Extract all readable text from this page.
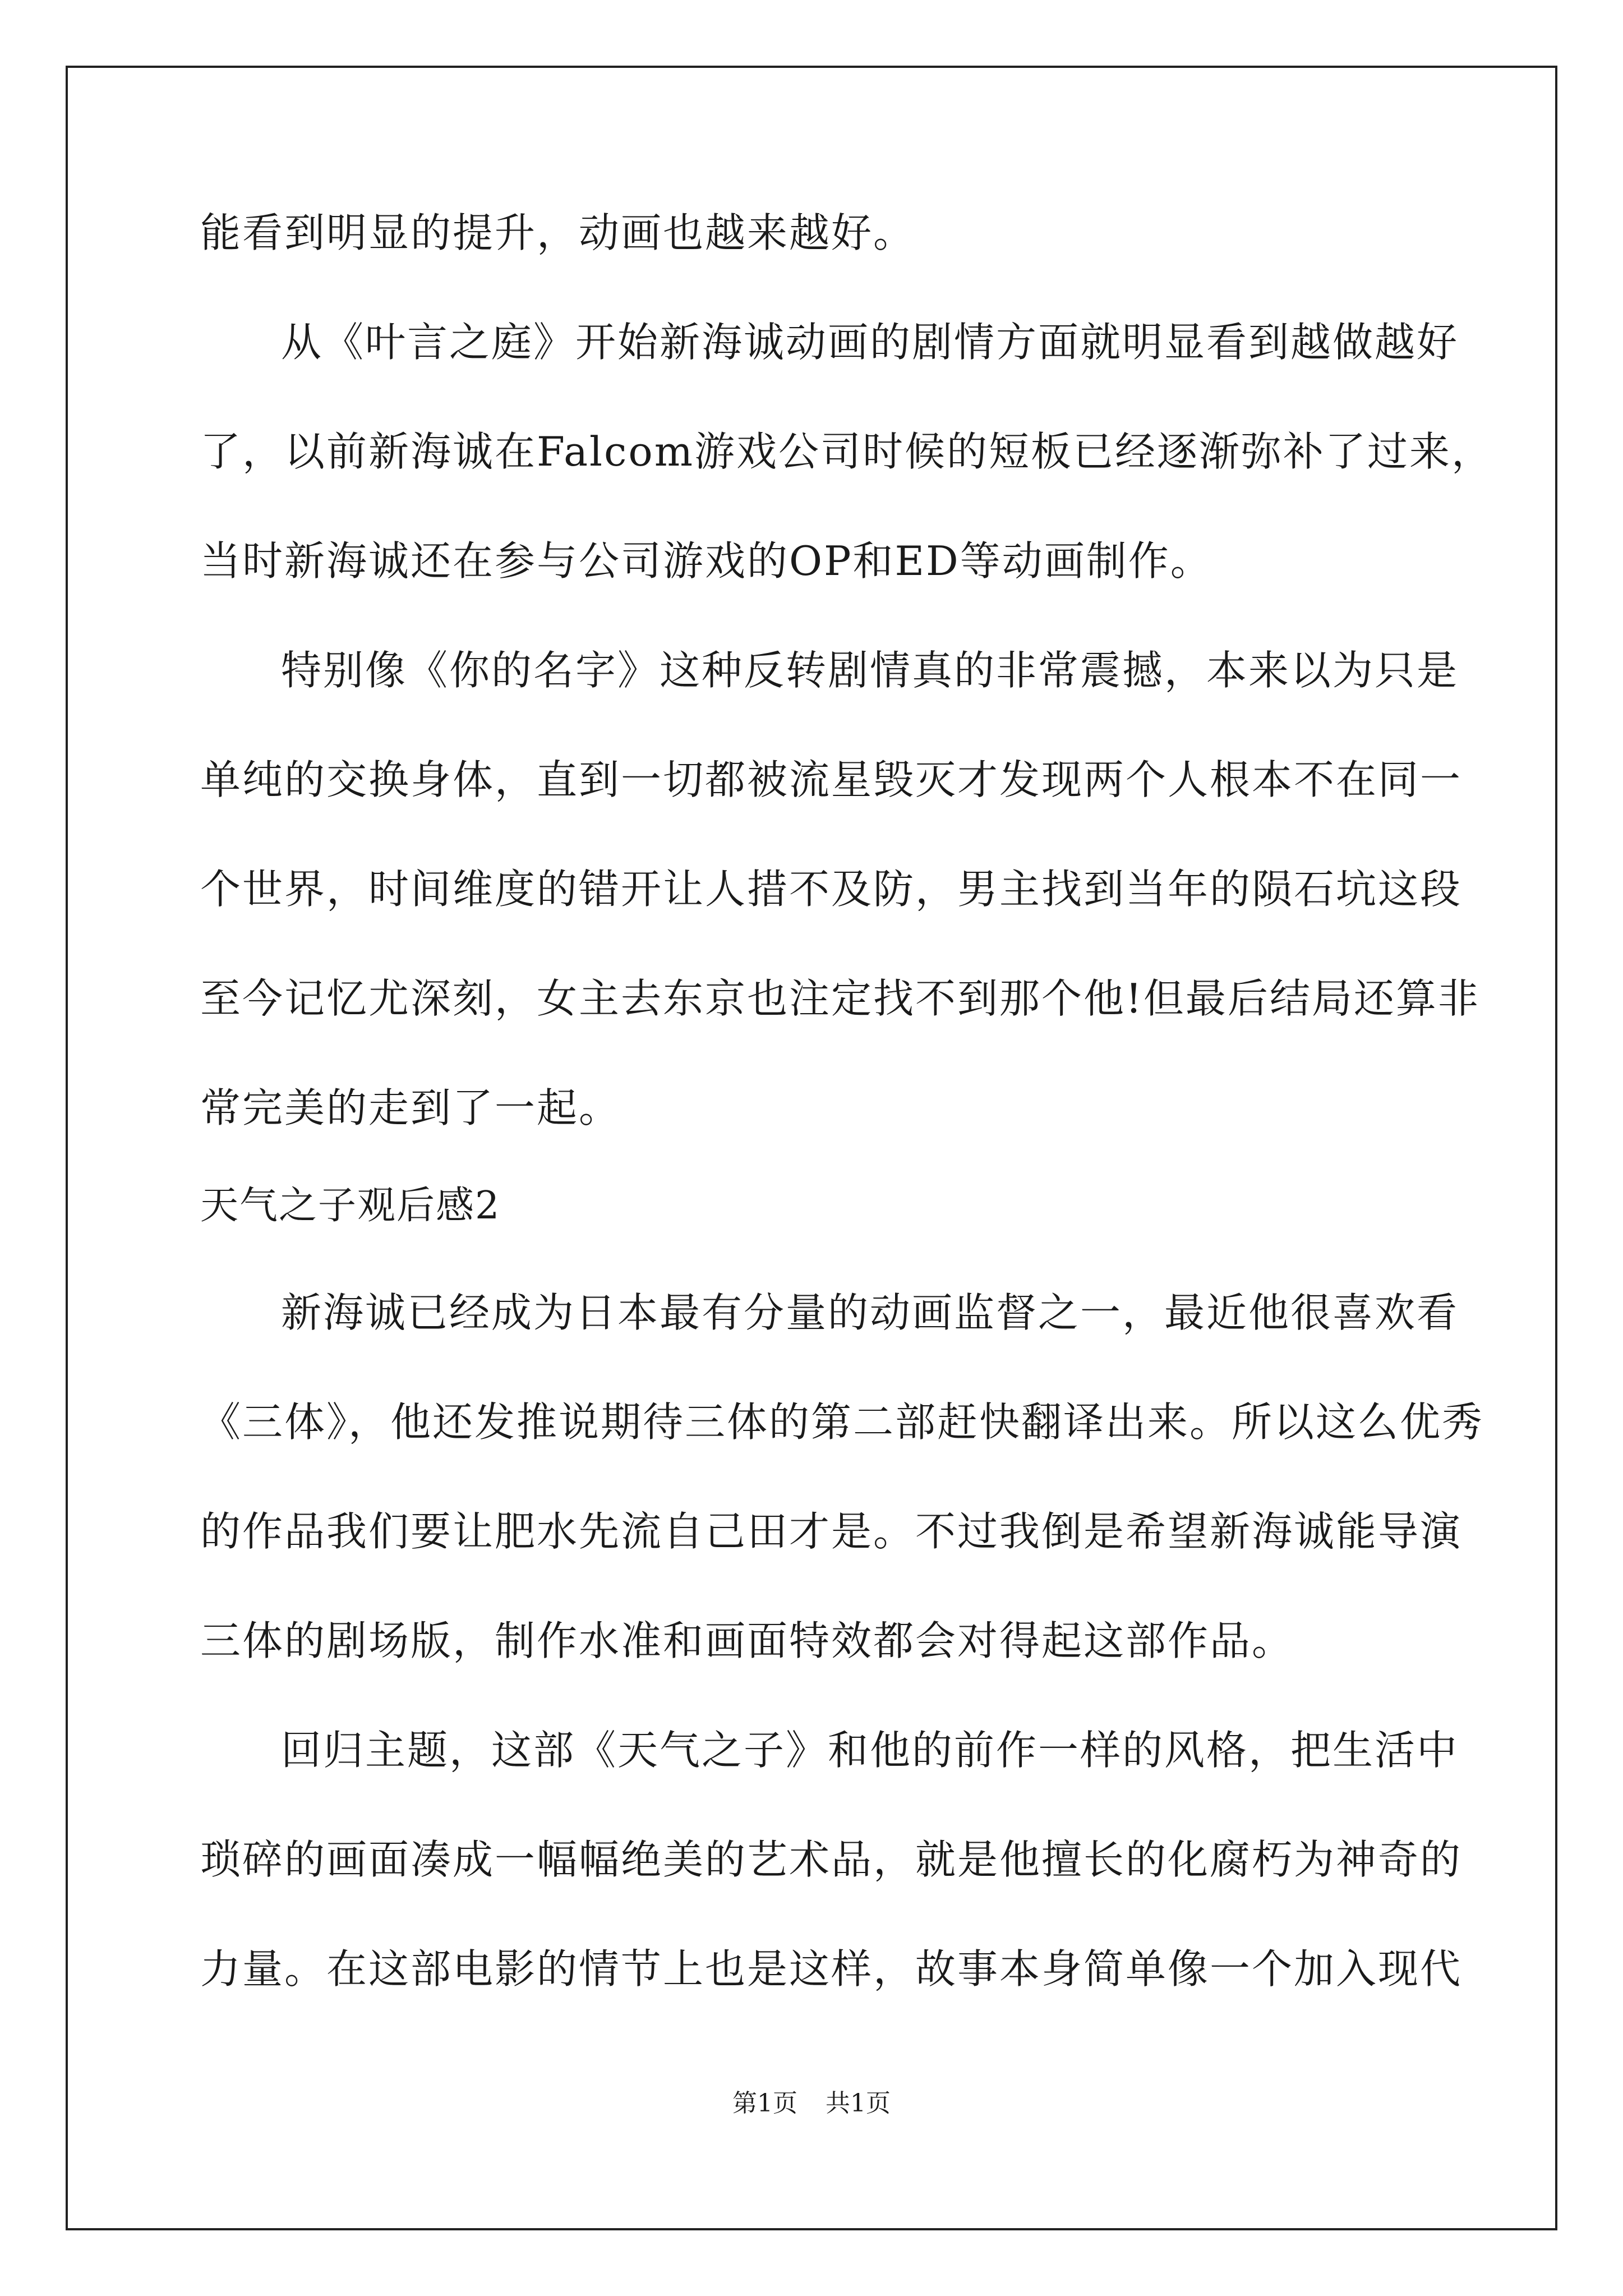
能看到明显的提升，动画也越来越好。
从《叶言之庭》开始新海诚动画的剧情方面就明显看到越做越好
了，以前新海诚在Falcom游戏公司时候的短板已经逐渐弥补了过来，
当时新海诚还在参与公司游戏的OP和ED等动画制作。
特别像《你的名字》这种反转剧情真的非常震撼，本来以为只是
单纯的交换身体，直到一切都被流星毁灭才发现两个人根本不在同一
个世界，时间维度的错开让人措不及防，男主找到当年的陨石坑这段
至今记忆尤深刻，女主去东京也注定找不到那个他!但最后结局还算非
常完美的走到了一起。
天气之子观后感2
新海诚已经成为日本最有分量的动画监督之一，最近他很喜欢看
《三体》，他还发推说期待三体的第二部赶快翻译出来。所以这么优秀
的作品我们要让肥水先流自己田才是。不过我倒是希望新海诚能导演
三体的剧场版，制作水准和画面特效都会对得起这部作品。
回归主题，这部《天气之子》和他的前作一样的风格，把生活中
琐碎的画面凑成一幅幅绝美的艺术品，就是他擅长的化腐朽为神奇的
力量。在这部电影的情节上也是这样，故事本身简单像一个加入现代
第1页 共1页
